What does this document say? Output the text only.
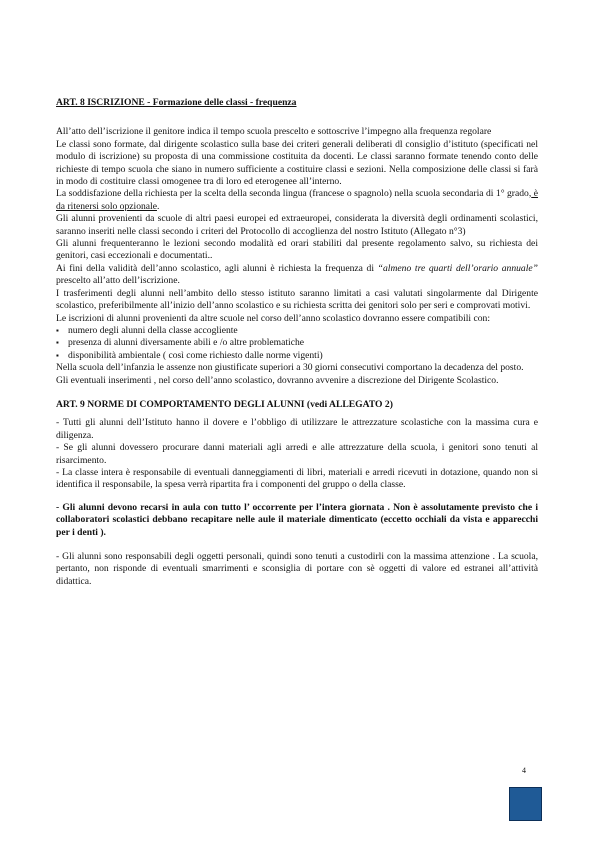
ART. 8 ISCRIZIONE - Formazione delle classi - frequenza

All’atto dell’iscrizione il genitore indica il tempo scuola prescelto e sottoscrive l’impegno alla frequenza regolare

Le classi sono formate, dal dirigente scolastico sulla base dei criteri generali deliberati dl consiglio d’istituto (specificati nel modulo di iscrizione) su proposta di una commissione costituita da docenti. Le classi saranno formate tenendo conto delle richieste di tempo scuola che siano in numero sufficiente a costituire classi e sezioni. Nella composizione delle classi si farà in modo di costituire classi omogenee tra di loro ed eterogenee all’interno.

La soddisfazione della richiesta per la scelta della seconda lingua (francese o spagnolo) nella scuola secondaria di 1° grado, è da ritenersi solo opzionale.

Gli alunni provenienti da scuole di altri paesi europei ed extraeuropei, considerata la diversità degli ordinamenti scolastici, saranno inseriti nelle classi secondo i criteri del Protocollo di accoglienza del nostro Istituto (Allegato n°3)

Gli alunni frequenteranno le lezioni secondo modalità ed orari stabiliti dal presente regolamento salvo, su richiesta dei genitori, casi eccezionali e documentati..

Ai fini della validità dell’anno scolastico, agli alunni è richiesta la frequenza di “almeno tre quarti dell’orario annuale” prescelto all’atto dell’iscrizione.

I trasferimenti degli alunni nell’ambito dello stesso istituto saranno limitati a casi valutati singolarmente dal Dirigente scolastico, preferibilmente all’inizio dell’anno scolastico e su richiesta scritta dei genitori solo per seri e comprovati motivi.

Le iscrizioni di alunni provenienti da altre scuole nel corso dell’anno scolastico dovranno essere compatibili con:

▪ numero degli alunni della classe accogliente
▪ presenza di alunni diversamente abili e /o altre problematiche
▪ disponibilità ambientale ( così come richiesto dalle norme vigenti)

Nella scuola dell’infanzia le assenze non giustificate superiori a 30 giorni consecutivi comportano la decadenza del posto.

Gli eventuali inserimenti , nel corso dell’anno scolastico, dovranno avvenire a discrezione del Dirigente Scolastico.

ART. 9 NORME DI COMPORTAMENTO DEGLI ALUNNI (vedi ALLEGATO 2)

- Tutti gli alunni dell’Istituto hanno il dovere e l’obbligo di utilizzare le attrezzature scolastiche con la massima cura e diligenza.

- Se gli alunni dovessero procurare danni materiali agli arredi e alle attrezzature della scuola, i genitori sono tenuti al risarcimento.

- La classe intera è responsabile di eventuali danneggiamenti di libri, materiali e arredi ricevuti in dotazione, quando non si identifica il responsabile, la spesa verrà ripartita fra i componenti del gruppo o della classe.

- Gli alunni devono recarsi in aula con tutto l’ occorrente per l’intera giornata . Non è assolutamente previsto che i collaboratori scolastici debbano recapitare nelle aule il materiale dimenticato (eccetto occhiali da vista e apparecchi per i denti ).

- Gli alunni sono responsabili degli oggetti personali, quindi sono tenuti a custodirli con la massima attenzione . La scuola, pertanto, non risponde di eventuali smarrimenti e sconsiglia di portare con sè oggetti di valore ed estranei all’attività didattica.

4
